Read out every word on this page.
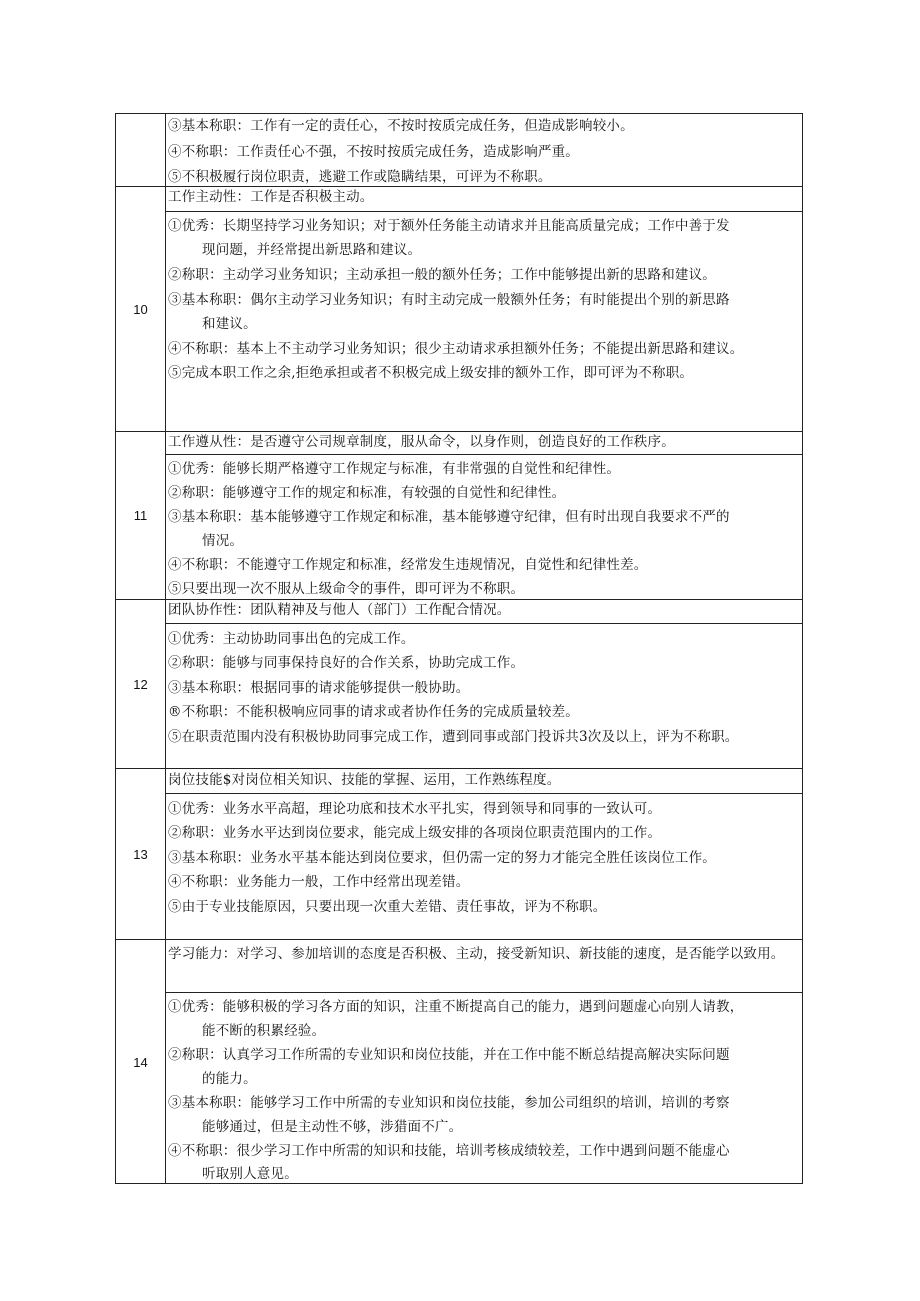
③基本称职：工作有一定的责任心，不按时按质完成任务，但造成影响较小。
④不称职：工作责任心不强，不按时按质完成任务，造成影响严重。
⑤不积极履行岗位职责，逃避工作或隐瞒结果，可评为不称职。
10
工作主动性：工作是否积极主动。
①优秀：长期坚持学习业务知识；对于额外任务能主动请求并且能高质量完成；工作中善于发
现问题，并经常提出新思路和建议。
②称职：主动学习业务知识；主动承担一般的额外任务；工作中能够提出新的思路和建议。
③基本称职：偶尔主动学习业务知识；有时主动完成一般额外任务；有时能提出个别的新思路
和建议。
④不称职：基本上不主动学习业务知识；很少主动请求承担额外任务；不能提出新思路和建议。
⑤完成本职工作之余,拒绝承担或者不积极完成上级安排的额外工作，即可评为不称职。
11
工作遵从性：是否遵守公司规章制度，服从命令，以身作则，创造良好的工作秩序。
①优秀：能够长期严格遵守工作规定与标准，有非常强的自觉性和纪律性。
②称职：能够遵守工作的规定和标准，有较强的自觉性和纪律性。
③基本称职：基本能够遵守工作规定和标准，基本能够遵守纪律，但有时出现自我要求不严的
情况。
④不称职：不能遵守工作规定和标准，经常发生违规情况，自觉性和纪律性差。
⑤只要出现一次不服从上级命令的事件，即可评为不称职。
12
团队协作性：团队精神及与他人（部门）工作配合情况。
①优秀：主动协助同事出色的完成工作。
②称职：能够与同事保持良好的合作关系，协助完成工作。
③基本称职：根据同事的请求能够提供一般协助。
®不称职：不能积极响应同事的请求或者协作任务的完成质量较差。
⑤在职责范围内没有积极协助同事完成工作，遭到同事或部门投诉共3次及以上，评为不称职。
13
岗位技能$对岗位相关知识、技能的掌握、运用，工作熟练程度。
①优秀：业务水平高超，理论功底和技术水平扎实，得到领导和同事的一致认可。
②称职：业务水平达到岗位要求，能完成上级安排的各项岗位职责范围内的工作。
③基本称职：业务水平基本能达到岗位要求，但仍需一定的努力才能完全胜任该岗位工作。
④不称职：业务能力一般，工作中经常出现差错。
⑤由于专业技能原因，只要出现一次重大差错、责任事故，评为不称职。
14
学习能力：对学习、参加培训的态度是否积极、主动，接受新知识、新技能的速度，是否能学以致用。
①优秀：能够积极的学习各方面的知识，注重不断提高自己的能力，遇到问题虚心向别人请教，
能不断的积累经验。
②称职：认真学习工作所需的专业知识和岗位技能，并在工作中能不断总结提高解决实际问题
的能力。
③基本称职：能够学习工作中所需的专业知识和岗位技能，参加公司组织的培训，培训的考察
能够通过，但是主动性不够，涉猎面不广。
④不称职：很少学习工作中所需的知识和技能，培训考核成绩较差，工作中遇到问题不能虚心
听取别人意见。
